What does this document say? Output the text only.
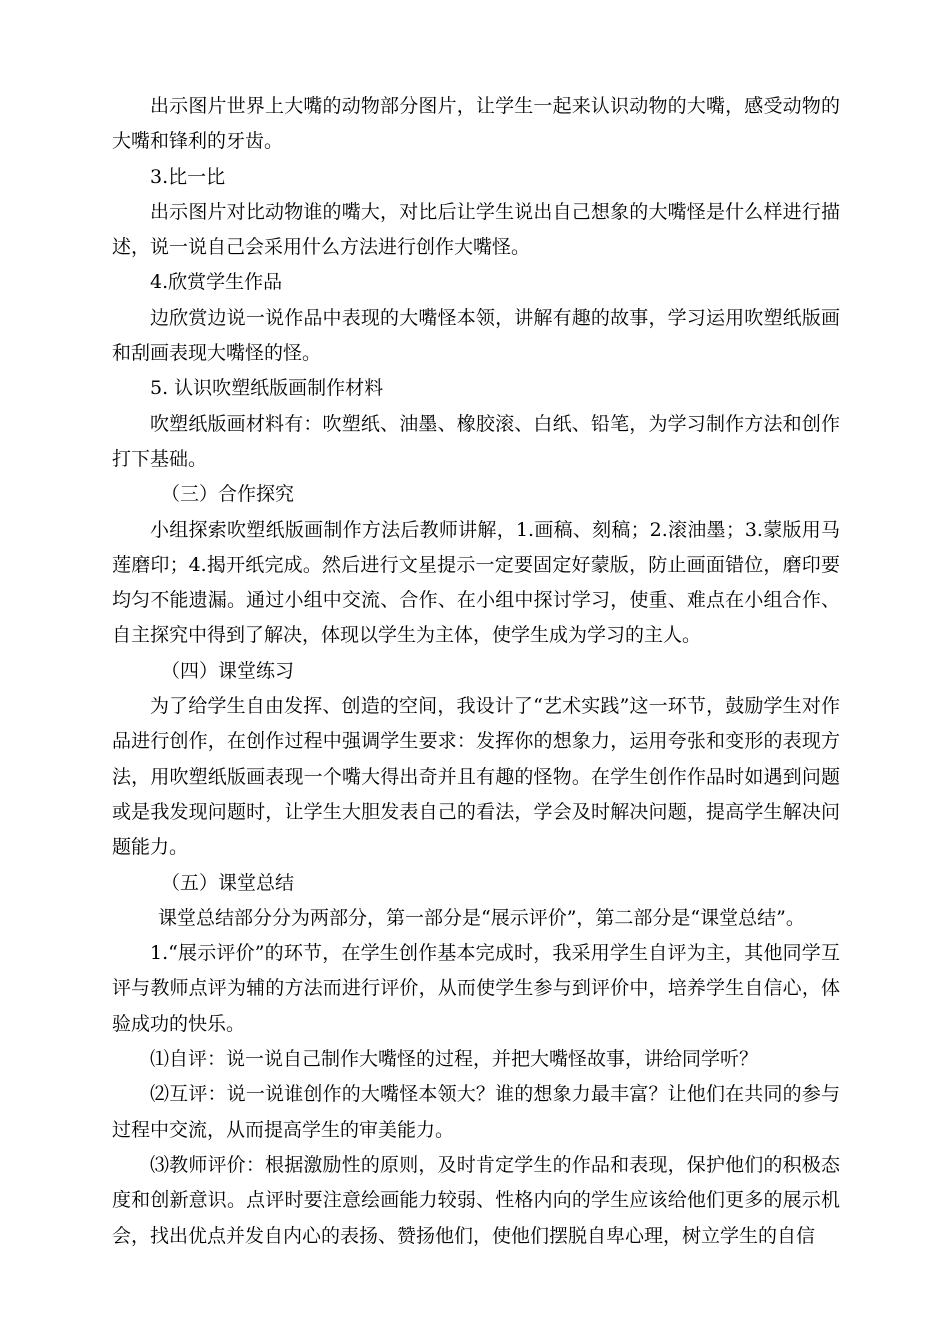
出示图片世界上大嘴的动物部分图片，让学生一起来认识动物的大嘴，感受动物的大嘴和锋利的牙齿。

3.比一比

出示图片对比动物谁的嘴大，对比后让学生说出自己想象的大嘴怪是什么样进行描述，说一说自己会采用什么方法进行创作大嘴怪。

4.欣赏学生作品

边欣赏边说一说作品中表现的大嘴怪本领，讲解有趣的故事，学习运用吹塑纸版画和刮画表现大嘴怪的怪。

5. 认识吹塑纸版画制作材料

吹塑纸版画材料有：吹塑纸、油墨、橡胶滚、白纸、铅笔，为学习制作方法和创作打下基础。

（三）合作探究

小组探索吹塑纸版画制作方法后教师讲解，1.画稿、刻稿；2.滚油墨；3.蒙版用马莲磨印；4.揭开纸完成。然后进行文星提示一定要固定好蒙版，防止画面错位，磨印要均匀不能遗漏。通过小组中交流、合作、在小组中探讨学习，使重、难点在小组合作、自主探究中得到了解决，体现以学生为主体，使学生成为学习的主人。

（四）课堂练习

为了给学生自由发挥、创造的空间，我设计了“艺术实践”这一环节，鼓励学生对作品进行创作，在创作过程中强调学生要求：发挥你的想象力，运用夸张和变形的表现方法，用吹塑纸版画表现一个嘴大得出奇并且有趣的怪物。在学生创作作品时如遇到问题或是我发现问题时，让学生大胆发表自己的看法，学会及时解决问题，提高学生解决问题能力。

（五）课堂总结

课堂总结部分分为两部分，第一部分是“展示评价”，第二部分是“课堂总结”。

1.“展示评价”的环节，在学生创作基本完成时，我采用学生自评为主，其他同学互评与教师点评为辅的方法而进行评价，从而使学生参与到评价中，培养学生自信心，体验成功的快乐。

⑴自评：说一说自己制作大嘴怪的过程，并把大嘴怪故事，讲给同学听？

⑵互评：说一说谁创作的大嘴怪本领大？谁的想象力最丰富？让他们在共同的参与过程中交流，从而提高学生的审美能力。

⑶教师评价：根据激励性的原则，及时肯定学生的作品和表现，保护他们的积极态度和创新意识。点评时要注意绘画能力较弱、性格内向的学生应该给他们更多的展示机会，找出优点并发自内心的表扬、赞扬他们，使他们摆脱自卑心理，树立学生的自信
